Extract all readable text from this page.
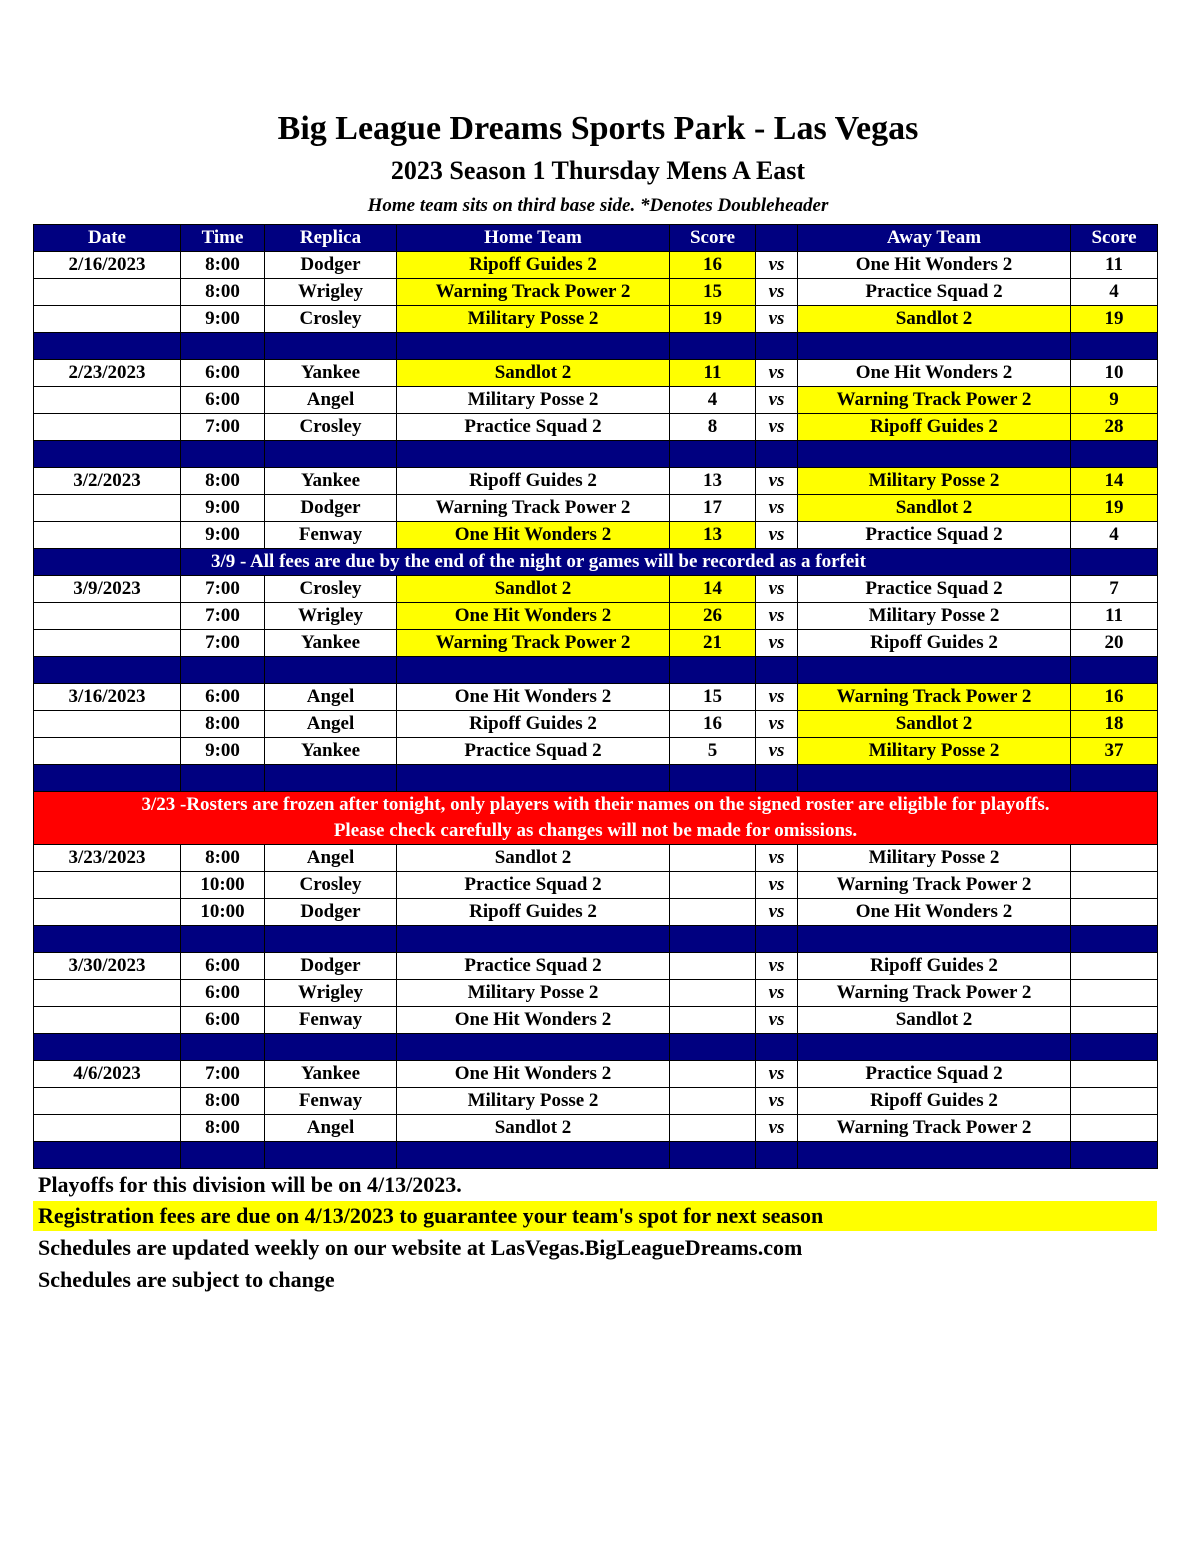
Big League Dreams Sports Park - Las Vegas
2023 Season 1 Thursday Mens A East
Home team sits on third base side. *Denotes Doubleheader
Date	Time	Replica	Home Team	Score		Away Team	Score
2/16/2023	8:00	Dodger	Ripoff Guides 2	16	vs	One Hit Wonders 2	11
	8:00	Wrigley	Warning Track Power 2	15	vs	Practice Squad 2	4
	9:00	Crosley	Military Posse 2	19	vs	Sandlot 2	19

2/23/2023	6:00	Yankee	Sandlot 2	11	vs	One Hit Wonders 2	10
	6:00	Angel	Military Posse 2	4	vs	Warning Track Power 2	9
	7:00	Crosley	Practice Squad 2	8	vs	Ripoff Guides 2	28

3/2/2023	8:00	Yankee	Ripoff Guides 2	13	vs	Military Posse 2	14
	9:00	Dodger	Warning Track Power 2	17	vs	Sandlot 2	19
	9:00	Fenway	One Hit Wonders 2	13	vs	Practice Squad 2	4
	3/9 - All fees are due by the end of the night or games will be recorded as a forfeit						
3/9/2023	7:00	Crosley	Sandlot 2	14	vs	Practice Squad 2	7
	7:00	Wrigley	One Hit Wonders 2	26	vs	Military Posse 2	11
	7:00	Yankee	Warning Track Power 2	21	vs	Ripoff Guides 2	20

3/16/2023	6:00	Angel	One Hit Wonders 2	15	vs	Warning Track Power 2	16
	8:00	Angel	Ripoff Guides 2	16	vs	Sandlot 2	18
	9:00	Yankee	Practice Squad 2	5	vs	Military Posse 2	37

3/23 -Rosters are frozen after tonight, only players with their names on the signed roster are eligible for playoffs.
Please check carefully as changes will not be made for omissions.							

3/23/2023	8:00	Angel	Sandlot 2		vs	Military Posse 2	
	10:00	Crosley	Practice Squad 2		vs	Warning Track Power 2	
	10:00	Dodger	Ripoff Guides 2		vs	One Hit Wonders 2	

3/30/2023	6:00	Dodger	Practice Squad 2		vs	Ripoff Guides 2	
	6:00	Wrigley	Military Posse 2		vs	Warning Track Power 2	
	6:00	Fenway	One Hit Wonders 2		vs	Sandlot 2	

4/6/2023	7:00	Yankee	One Hit Wonders 2		vs	Practice Squad 2	
	8:00	Fenway	Military Posse 2		vs	Ripoff Guides 2	
	8:00	Angel	Sandlot 2		vs	Warning Track Power 2	

Playoffs for this division will be on 4/13/2023.
Registration fees are due on 4/13/2023 to guarantee your team's spot for next season
Schedules are updated weekly on our website at LasVegas.BigLeagueDreams.com
Schedules are subject to change
